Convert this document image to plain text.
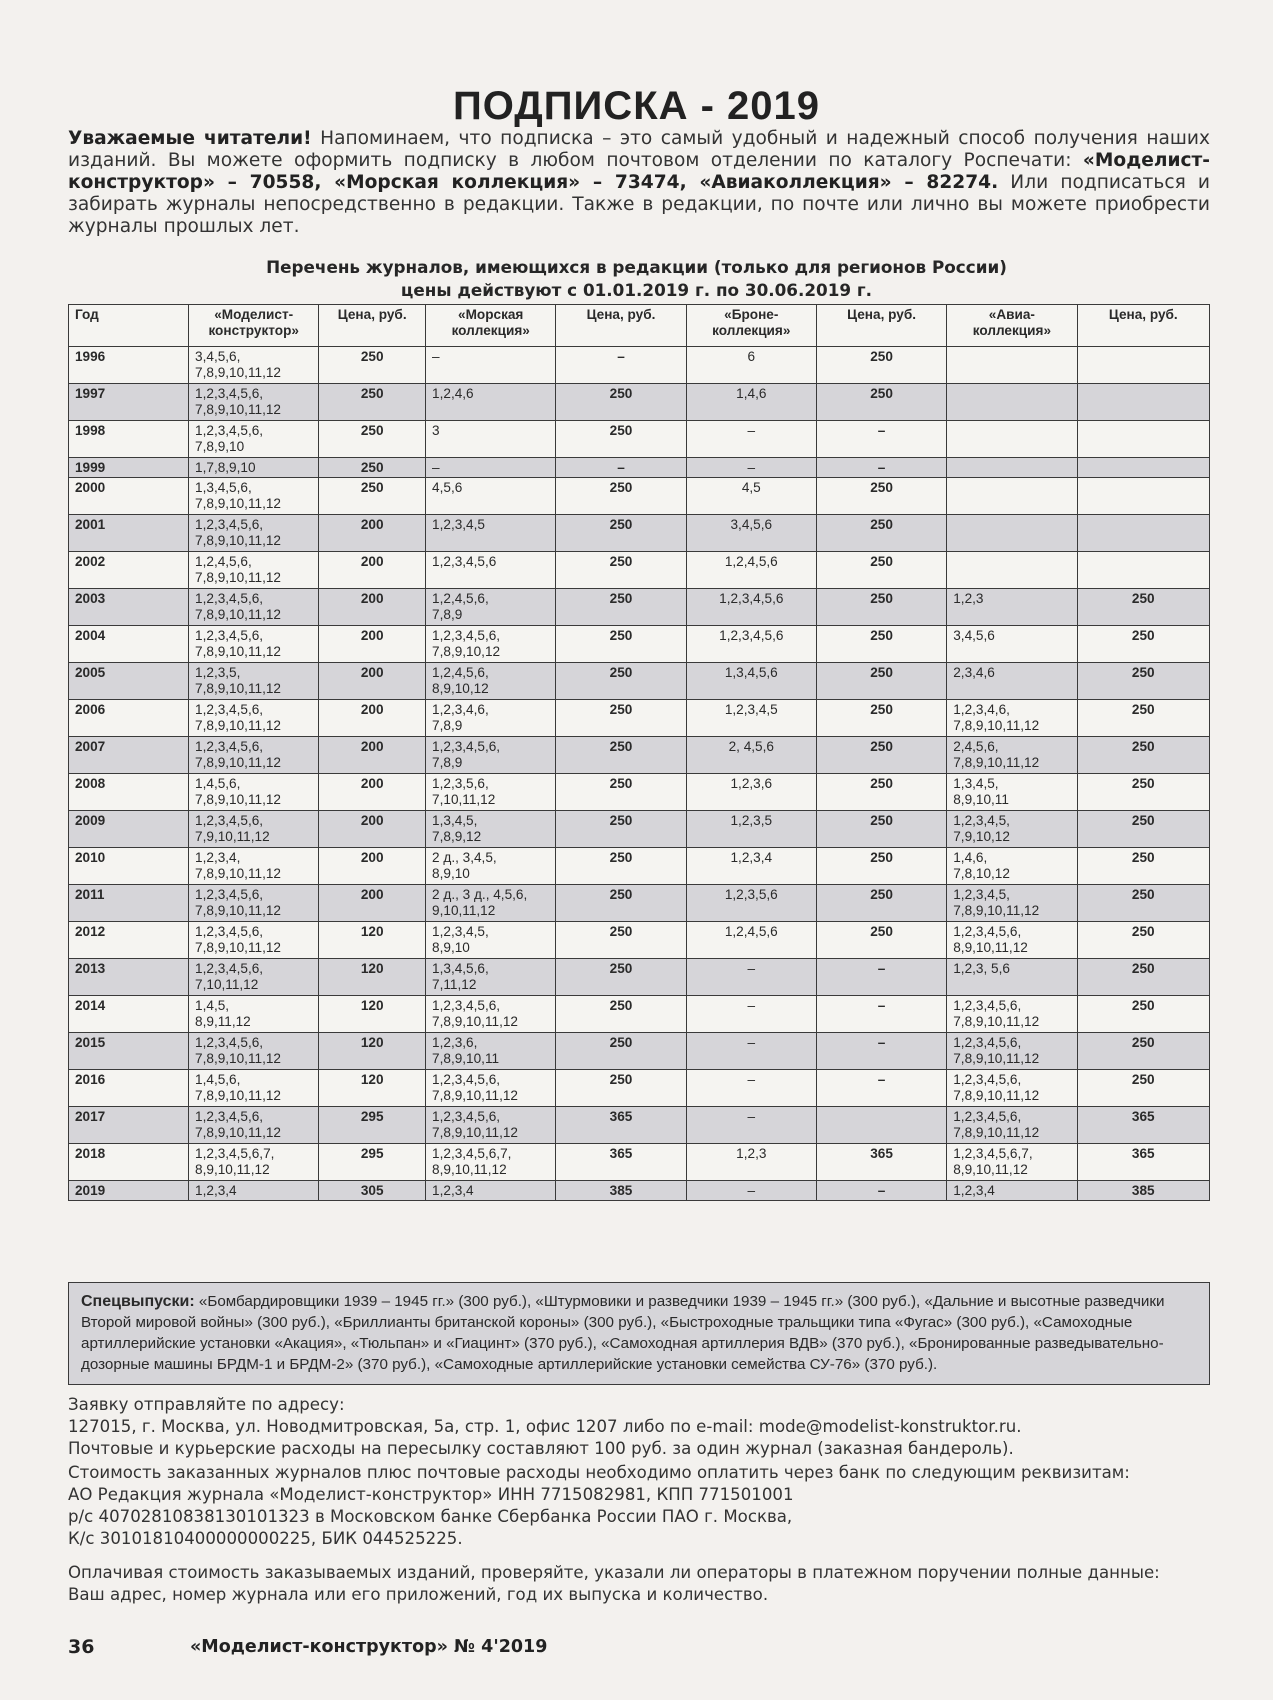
ПОДПИСКА - 2019

Уважаемые читатели! Напоминаем, что подписка – это самый удобный и надежный способ получения наших изданий. Вы можете оформить подписку в любом почтовом отделении по каталогу Роспечати: «Моделист-конструктор» – 70558, «Морская коллекция» – 73474, «Авиаколлекция» – 82274. Или подписаться и забирать журналы непосредственно в редакции. Также в редакции, по почте или лично вы можете приобрести журналы прошлых лет.

Перечень журналов, имеющихся в редакции (только для регионов России)
цены действуют с 01.01.2019 г. по 30.06.2019 г.
Год	«Моделист-конструктор»	Цена, руб.	«Морская коллекция»	Цена, руб.	«Броне-коллекция»	Цена, руб.	«Авиа-коллекция»	Цена, руб.
1996	3,4,5,6,
7,8,9,10,11,12	250	–	–	6	250		
1997	1,2,3,4,5,6,
7,8,9,10,11,12	250	1,2,4,6	250	1,4,6	250		
1998	1,2,3,4,5,6,
7,8,9,10	250	3	250	–	–		
1999	1,7,8,9,10	250	–	–	–	–		
2000	1,3,4,5,6,
7,8,9,10,11,12	250	4,5,6	250	4,5	250		
2001	1,2,3,4,5,6,
7,8,9,10,11,12	200	1,2,3,4,5	250	3,4,5,6	250		
2002	1,2,4,5,6,
7,8,9,10,11,12	200	1,2,3,4,5,6	250	1,2,4,5,6	250		
2003	1,2,3,4,5,6,
7,8,9,10,11,12	200	1,2,4,5,6,
7,8,9	250	1,2,3,4,5,6	250	1,2,3	250
2004	1,2,3,4,5,6,
7,8,9,10,11,12	200	1,2,3,4,5,6,
7,8,9,10,12	250	1,2,3,4,5,6	250	3,4,5,6	250
2005	1,2,3,5,
7,8,9,10,11,12	200	1,2,4,5,6,
8,9,10,12	250	1,3,4,5,6	250	2,3,4,6	250
2006	1,2,3,4,5,6,
7,8,9,10,11,12	200	1,2,3,4,6,
7,8,9	250	1,2,3,4,5	250	1,2,3,4,6,
7,8,9,10,11,12	250
2007	1,2,3,4,5,6,
7,8,9,10,11,12	200	1,2,3,4,5,6,
7,8,9	250	2, 4,5,6	250	2,4,5,6,
7,8,9,10,11,12	250
2008	1,4,5,6,
7,8,9,10,11,12	200	1,2,3,5,6,
7,10,11,12	250	1,2,3,6	250	1,3,4,5,
8,9,10,11	250
2009	1,2,3,4,5,6,
7,9,10,11,12	200	1,3,4,5,
7,8,9,12	250	1,2,3,5	250	1,2,3,4,5,
7,9,10,12	250
2010	1,2,3,4,
7,8,9,10,11,12	200	2 д., 3,4,5,
8,9,10	250	1,2,3,4	250	1,4,6,
7,8,10,12	250
2011	1,2,3,4,5,6,
7,8,9,10,11,12	200	2 д., 3 д., 4,5,6,
9,10,11,12	250	1,2,3,5,6	250	1,2,3,4,5,
7,8,9,10,11,12	250
2012	1,2,3,4,5,6,
7,8,9,10,11,12	120	1,2,3,4,5,
8,9,10	250	1,2,4,5,6	250	1,2,3,4,5,6,
8,9,10,11,12	250
2013	1,2,3,4,5,6,
7,10,11,12	120	1,3,4,5,6,
7,11,12	250	–	–	1,2,3, 5,6	250
2014	1,4,5,
8,9,11,12	120	1,2,3,4,5,6,
7,8,9,10,11,12	250	–	–	1,2,3,4,5,6,
7,8,9,10,11,12	250
2015	1,2,3,4,5,6,
7,8,9,10,11,12	120	1,2,3,6,
7,8,9,10,11	250	–	–	1,2,3,4,5,6,
7,8,9,10,11,12	250
2016	1,4,5,6,
7,8,9,10,11,12	120	1,2,3,4,5,6,
7,8,9,10,11,12	250	–	–	1,2,3,4,5,6,
7,8,9,10,11,12	250
2017	1,2,3,4,5,6,
7,8,9,10,11,12	295	1,2,3,4,5,6,
7,8,9,10,11,12	365	–		1,2,3,4,5,6,
7,8,9,10,11,12	365
2018	1,2,3,4,5,6,7,
8,9,10,11,12	295	1,2,3,4,5,6,7,
8,9,10,11,12	365	1,2,3	365	1,2,3,4,5,6,7,
8,9,10,11,12	365
2019	1,2,3,4	305	1,2,3,4	385	–	–	1,2,3,4	385
Спецвыпуски: «Бомбардировщики 1939 – 1945 гг.» (300 руб.), «Штурмовики и разведчики 1939 – 1945 гг.» (300 руб.), «Дальние и высотные разведчики Второй мировой войны» (300 руб.), «Бриллианты британской короны» (300 руб.), «Быстроходные тральщики типа «Фугас» (300 руб.), «Самоходные артиллерийские установки «Акация», «Тюльпан» и «Гиацинт» (370 руб.), «Самоходная артиллерия ВДВ» (370 руб.), «Бронированные разведывательно-дозорные машины БРДМ-1 и БРДМ-2» (370 руб.), «Самоходные артиллерийские установки семейства СУ-76» (370 руб.).
Заявку отправляйте по адресу:
127015, г. Москва, ул. Новодмитровская, 5а, стр. 1, офис 1207 либо по e-mail: mode@modelist-konstruktor.ru.
Почтовые и курьерские расходы на пересылку составляют 100 руб. за один журнал (заказная бандероль).
Стоимость заказанных журналов плюс почтовые расходы необходимо оплатить через банк по следующим реквизитам:
АО Редакция журнала «Моделист-конструктор» ИНН 7715082981, КПП 771501001
р/с 40702810838130101323 в Московском банке Сбербанка России ПАО г. Москва,
К/с 30101810400000000225, БИК 044525225.
Оплачивая стоимость заказываемых изданий, проверяйте, указали ли операторы в платежном поручении полные данные:
Ваш адрес, номер журнала или его приложений, год их выпуска и количество.
36	«Моделист-конструктор» № 4'2019
